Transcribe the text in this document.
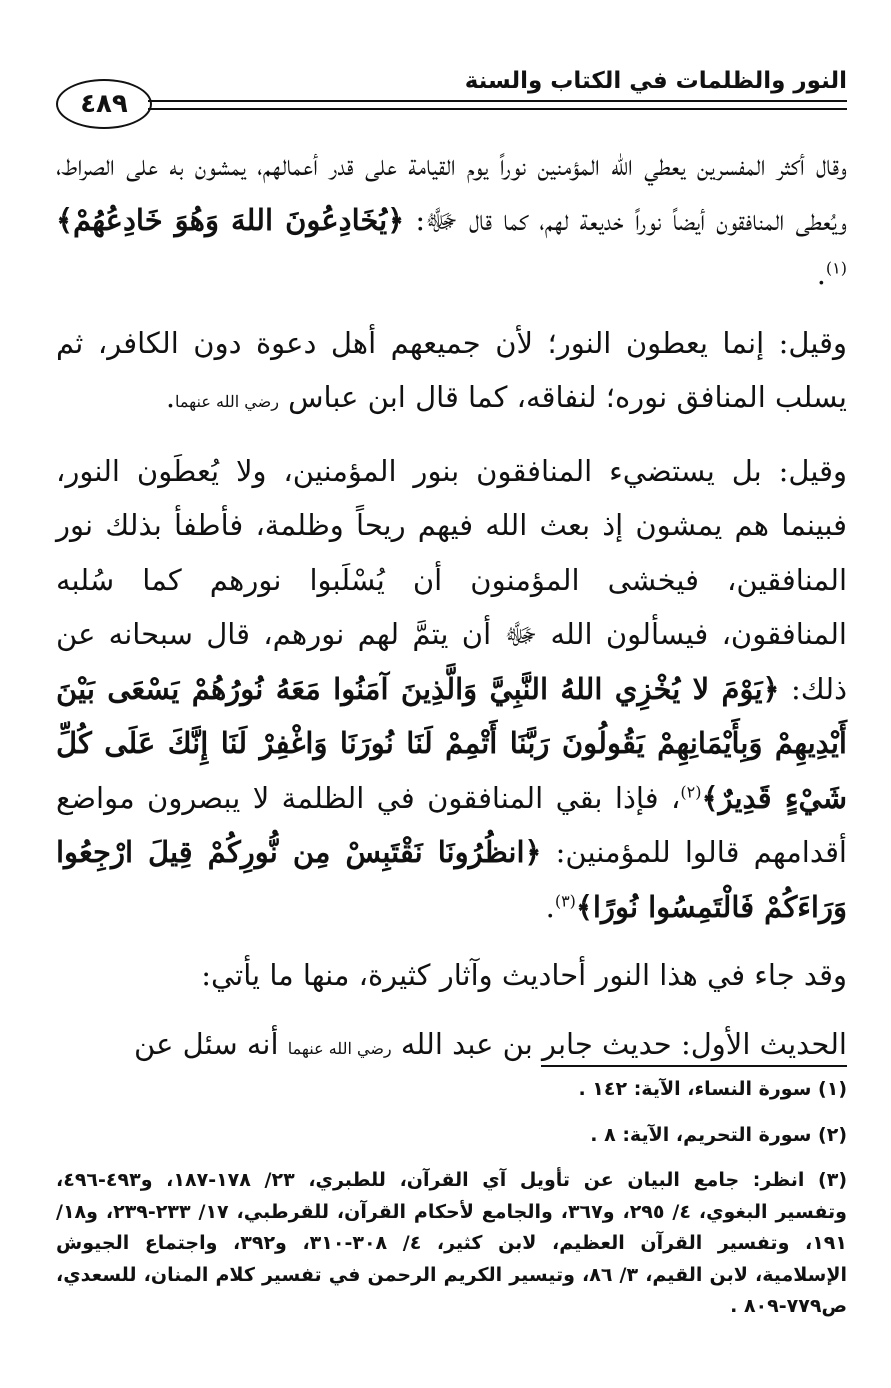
النور والظلمات في الكتاب والسنة
٤٨٩

وقال أكثر المفسرين يعطي الله المؤمنين نوراً يوم القيامة على قدر أعمالهم، يمشون به على الصراط، ويُعطى المنافقون أيضاً نوراً خديعة لهم، كما قال ﷻ: ﴿يُخَادِعُونَ اللهَ وَهُوَ خَادِعُهُمْ﴾$^{(١)}$.

وقيل: إنما يعطون النور؛ لأن جميعهم أهل دعوة دون الكافر، ثم يسلب المنافق نوره؛ لنفاقه، كما قال ابن عباس رضي الله عنهما.

وقيل: بل يستضيء المنافقون بنور المؤمنين، ولا يُعطَون النور، فبينما هم يمشون إذ بعث الله فيهم ريحاً وظلمة، فأطفأ بذلك نور المنافقين، فيخشى المؤمنون أن يُسْلَبوا نورهم كما سُلبه المنافقون، فيسألون الله ﷻ أن يتمَّ لهم نورهم، قال سبحانه عن ذلك: ﴿يَوْمَ لا يُخْزِي اللهُ النَّبِيَّ وَالَّذِينَ آمَنُوا مَعَهُ نُورُهُمْ يَسْعَى بَيْنَ أَيْدِيهِمْ وَبِأَيْمَانِهِمْ يَقُولُونَ رَبَّنَا أَتْمِمْ لَنَا نُورَنَا وَاغْفِرْ لَنَا إِنَّكَ عَلَى كُلِّ شَيْءٍ قَدِيرٌ﴾$^{(٢)}$، فإذا بقي المنافقون في الظلمة لا يبصرون مواضع أقدامهم قالوا للمؤمنين: ﴿انظُرُونَا نَقْتَبِسْ مِن نُّورِكُمْ قِيلَ ارْجِعُوا وَرَاءَكُمْ فَالْتَمِسُوا نُورًا﴾$^{(٣)}$.

وقد جاء في هذا النور أحاديث وآثار كثيرة، منها ما يأتي:

الحديث الأول: حديث جابر بن عبد الله رضي الله عنهما أنه سئل عن

(١) سورة النساء، الآية: ١٤٢ .

(٢) سورة التحريم، الآية: ٨ .

(٣) انظر: جامع البيان عن تأويل آي القرآن، للطبري، ٢٣/ ١٧٨-١٨٧، و٤٩٣-٤٩٦، وتفسير البغوي، ٤/ ٢٩٥، و٣٦٧، والجامع لأحكام القرآن، للقرطبي، ١٧/ ٢٣٣-٢٣٩، و١٨/ ١٩١، وتفسير القرآن العظيم، لابن كثير، ٤/ ٣٠٨-٣١٠، و٣٩٢، واجتماع الجيوش الإسلامية، لابن القيم، ٣/ ٨٦، وتيسير الكريم الرحمن في تفسير كلام المنان، للسعدي، ص٧٧٩-٨٠٩ .
